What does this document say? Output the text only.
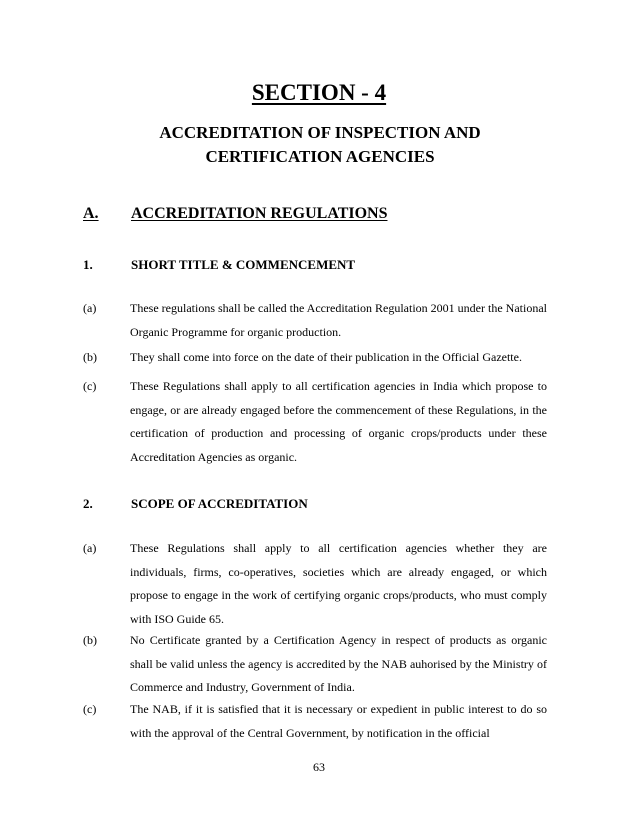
SECTION - 4
ACCREDITATION OF INSPECTION AND CERTIFICATION AGENCIES
A. ACCREDITATION REGULATIONS
1.	SHORT TITLE & COMMENCEMENT
(a)	These regulations shall be called the Accreditation Regulation 2001 under the National Organic Programme for organic production.
(b)	They shall come into force on the date of their publication in the Official Gazette.
(c)	These Regulations shall apply to all certification agencies in India which propose to engage, or are already engaged before the commencement of these Regulations, in the certification of production and processing of organic crops/products under these Accreditation Agencies as organic.
2.	SCOPE OF ACCREDITATION
(a)	These Regulations shall apply to all certification agencies whether they are individuals, firms, co-operatives, societies which are already engaged, or which propose to engage in the work of certifying organic crops/products, who must comply with ISO Guide 65.
(b)	No Certificate granted by a Certification Agency in respect of products as organic shall be valid unless the agency is accredited by the NAB auhorised by the Ministry of Commerce and Industry, Government of India.
(c)	The NAB, if it is satisfied that it is necessary or expedient in public interest to do so with the approval of the Central Government, by notification in the official
63
